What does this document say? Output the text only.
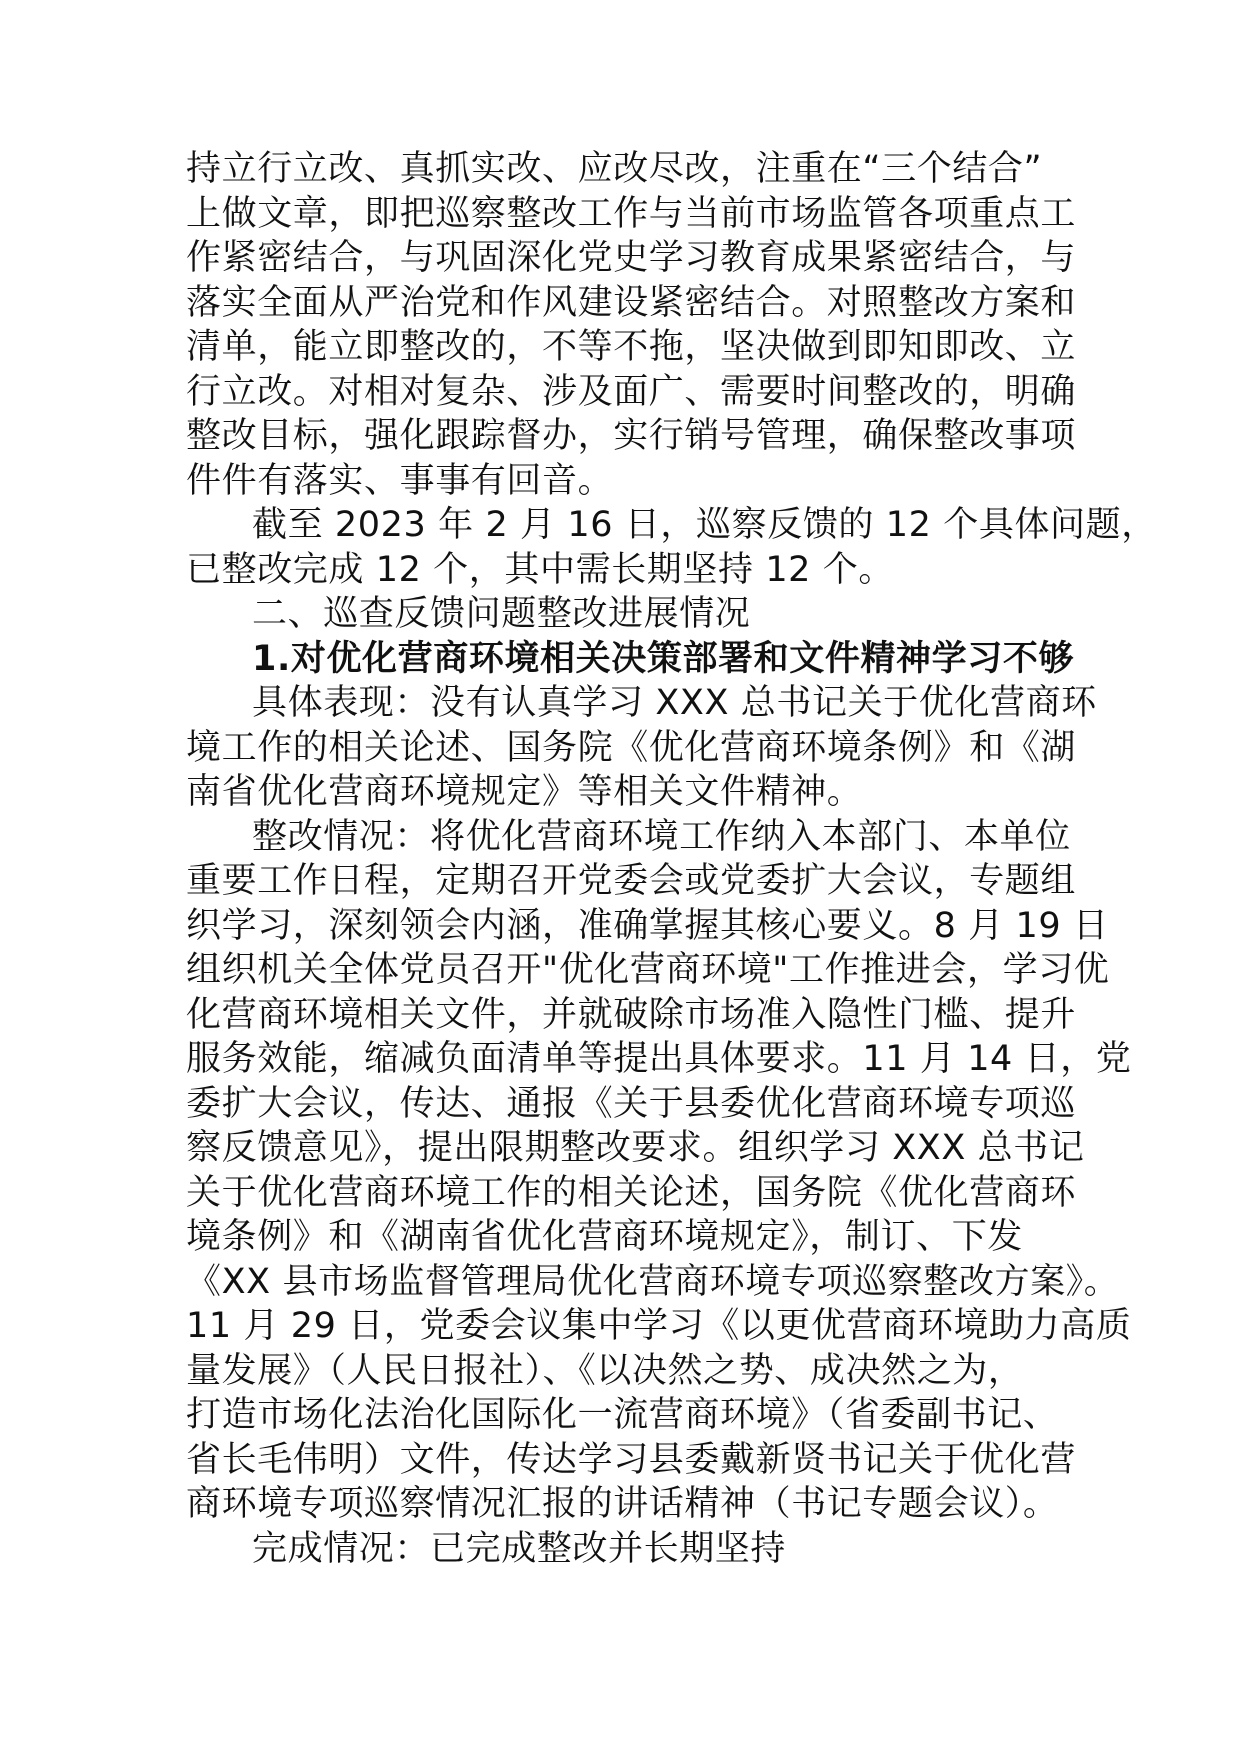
持立行立改、真抓实改、应改尽改，注重在“三个结合”
上做文章，即把巡察整改工作与当前市场监管各项重点工
作紧密结合，与巩固深化党史学习教育成果紧密结合，与
落实全面从严治党和作风建设紧密结合。对照整改方案和
清单，能立即整改的，不等不拖，坚决做到即知即改、立
行立改。对相对复杂、涉及面广、需要时间整改的，明确
整改目标，强化跟踪督办，实行销号管理，确保整改事项
件件有落实、事事有回音。
截至 2023 年 2 月 16 日，巡察反馈的 12 个具体问题，
已整改完成 12 个，其中需长期坚持 12 个。
二、巡查反馈问题整改进展情况
1.对优化营商环境相关决策部署和文件精神学习不够
具体表现：没有认真学习 XXX 总书记关于优化营商环
境工作的相关论述、国务院《优化营商环境条例》和《湖
南省优化营商环境规定》等相关文件精神。
整改情况：将优化营商环境工作纳入本部门、本单位
重要工作日程，定期召开党委会或党委扩大会议，专题组
织学习，深刻领会内涵，准确掌握其核心要义。8 月 19 日
组织机关全体党员召开"优化营商环境"工作推进会，学习优
化营商环境相关文件，并就破除市场准入隐性门槛、提升
服务效能，缩减负面清单等提出具体要求。11 月 14 日，党
委扩大会议，传达、通报《关于县委优化营商环境专项巡
察反馈意见》，提出限期整改要求。组织学习 XXX 总书记
关于优化营商环境工作的相关论述，国务院《优化营商环
境条例》和《湖南省优化营商环境规定》，制订、下发
《XX 县市场监督管理局优化营商环境专项巡察整改方案》。
11 月 29 日，党委会议集中学习《以更优营商环境助力高质
量发展》（人民日报社）、《以决然之势、成决然之为，
打造市场化法治化国际化一流营商环境》（省委副书记、
省长毛伟明）文件，传达学习县委戴新贤书记关于优化营
商环境专项巡察情况汇报的讲话精神（书记专题会议）。
完成情况：已完成整改并长期坚持
